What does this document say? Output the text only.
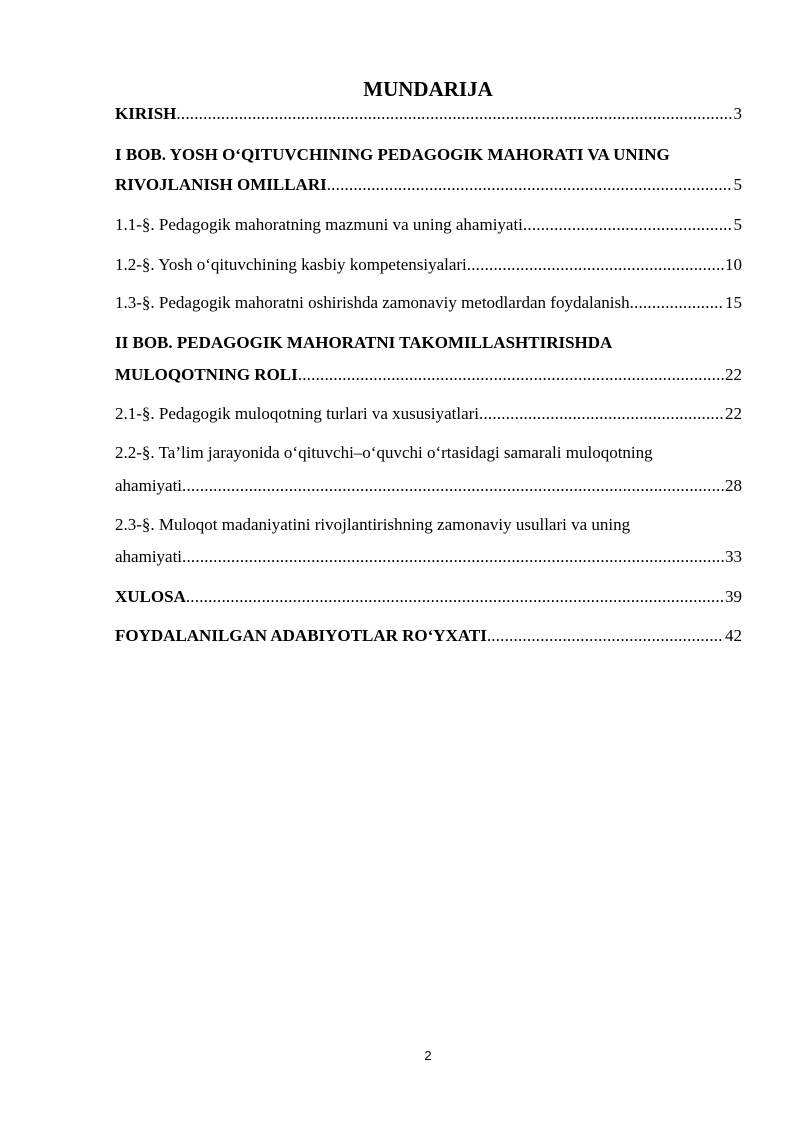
MUNDARIJA
KIRISH .....	3
I BOB. YOSH O‘QITUVCHINING PEDAGOGIK MAHORATI VA UNING
RIVOJLANISH OMILLARI .....	5
1.1-§. Pedagogik mahoratning mazmuni va uning ahamiyati .....	5
1.2-§. Yosh o‘qituvchining kasbiy kompetensiyalari .....	10
1.3-§. Pedagogik mahoratni oshirishda zamonaviy metodlardan foydalanish .....	15
II BOB. PEDAGOGIK MAHORATNI TAKOMILLASHTIRISHDA
MULOQOTNING ROLI .....	22
2.1-§. Pedagogik muloqotning turlari va xususiyatlari .....	22
2.2-§. Ta’lim jarayonida o‘qituvchi–o‘quvchi o‘rtasidagi samarali muloqotning
ahamiyati .....	28
2.3-§. Muloqot madaniyatini rivojlantirishning zamonaviy usullari va uning
ahamiyati .....	33
XULOSA .....	39
FOYDALANILGAN ADABIYOTLAR RO‘YXATI .....	42
2
